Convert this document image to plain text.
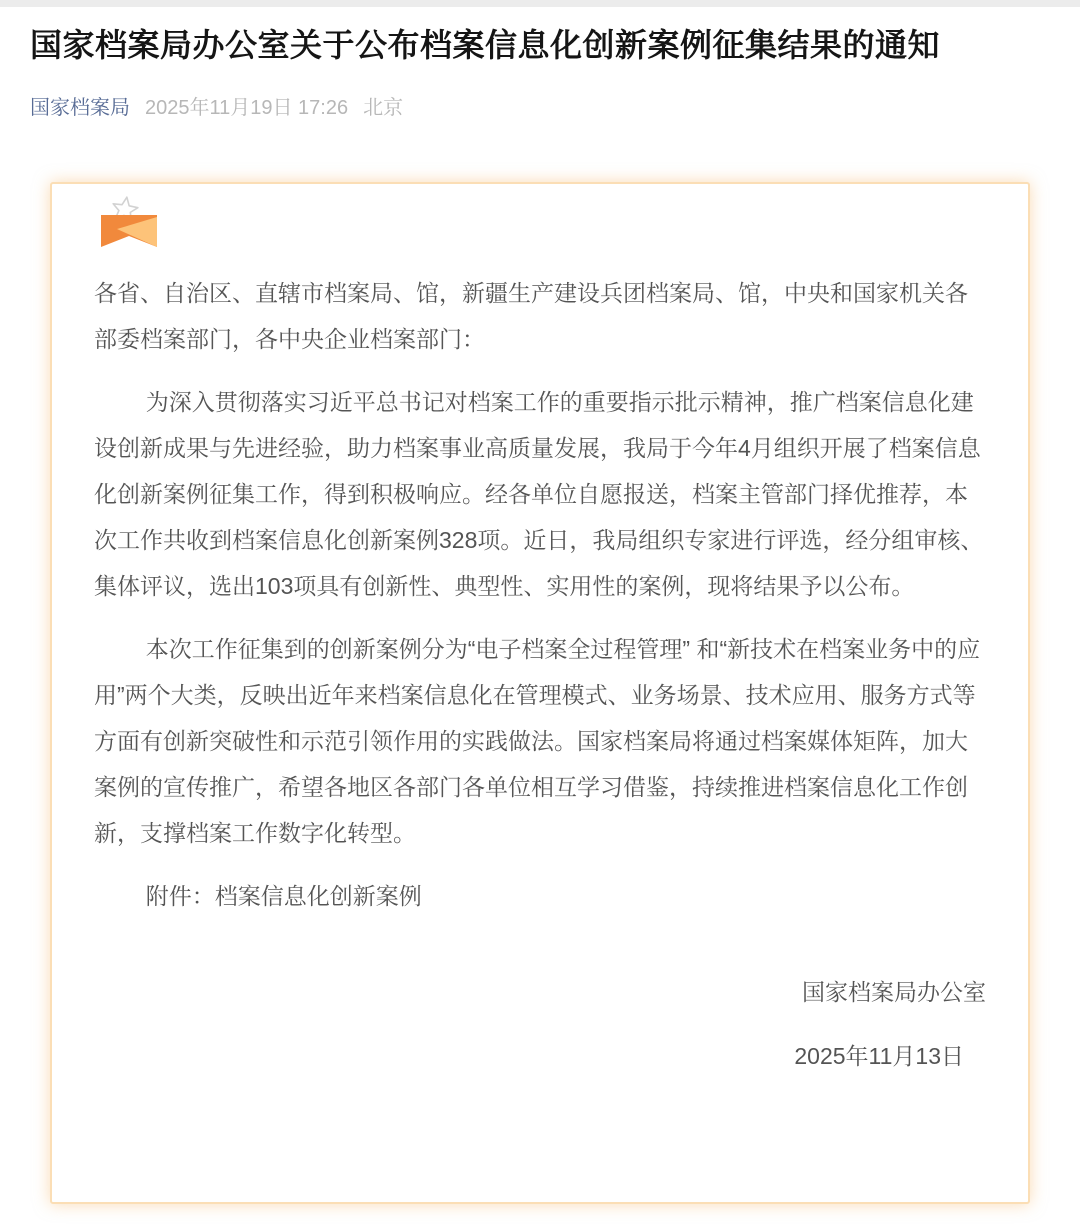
国家档案局办公室关于公布档案信息化创新案例征集结果的通知
国家档案局 2025年11月19日 17:26 北京

各省、自治区、直辖市档案局、馆，新疆生产建设兵团档案局、馆，中央和国家机关各部委档案部门，各中央企业档案部门：

为深入贯彻落实习近平总书记对档案工作的重要指示批示精神，推广档案信息化建设创新成果与先进经验，助力档案事业高质量发展，我局于今年4月组织开展了档案信息化创新案例征集工作，得到积极响应。经各单位自愿报送，档案主管部门择优推荐，本次工作共收到档案信息化创新案例328项。近日，我局组织专家进行评选，经分组审核、集体评议，选出103项具有创新性、典型性、实用性的案例，现将结果予以公布。

本次工作征集到的创新案例分为“电子档案全过程管理” 和“新技术在档案业务中的应用”两个大类，反映出近年来档案信息化在管理模式、业务场景、技术应用、服务方式等方面有创新突破性和示范引领作用的实践做法。国家档案局将通过档案媒体矩阵，加大案例的宣传推广，希望各地区各部门各单位相互学习借鉴，持续推进档案信息化工作创新，支撑档案工作数字化转型。

附件：档案信息化创新案例

国家档案局办公室

2025年11月13日
